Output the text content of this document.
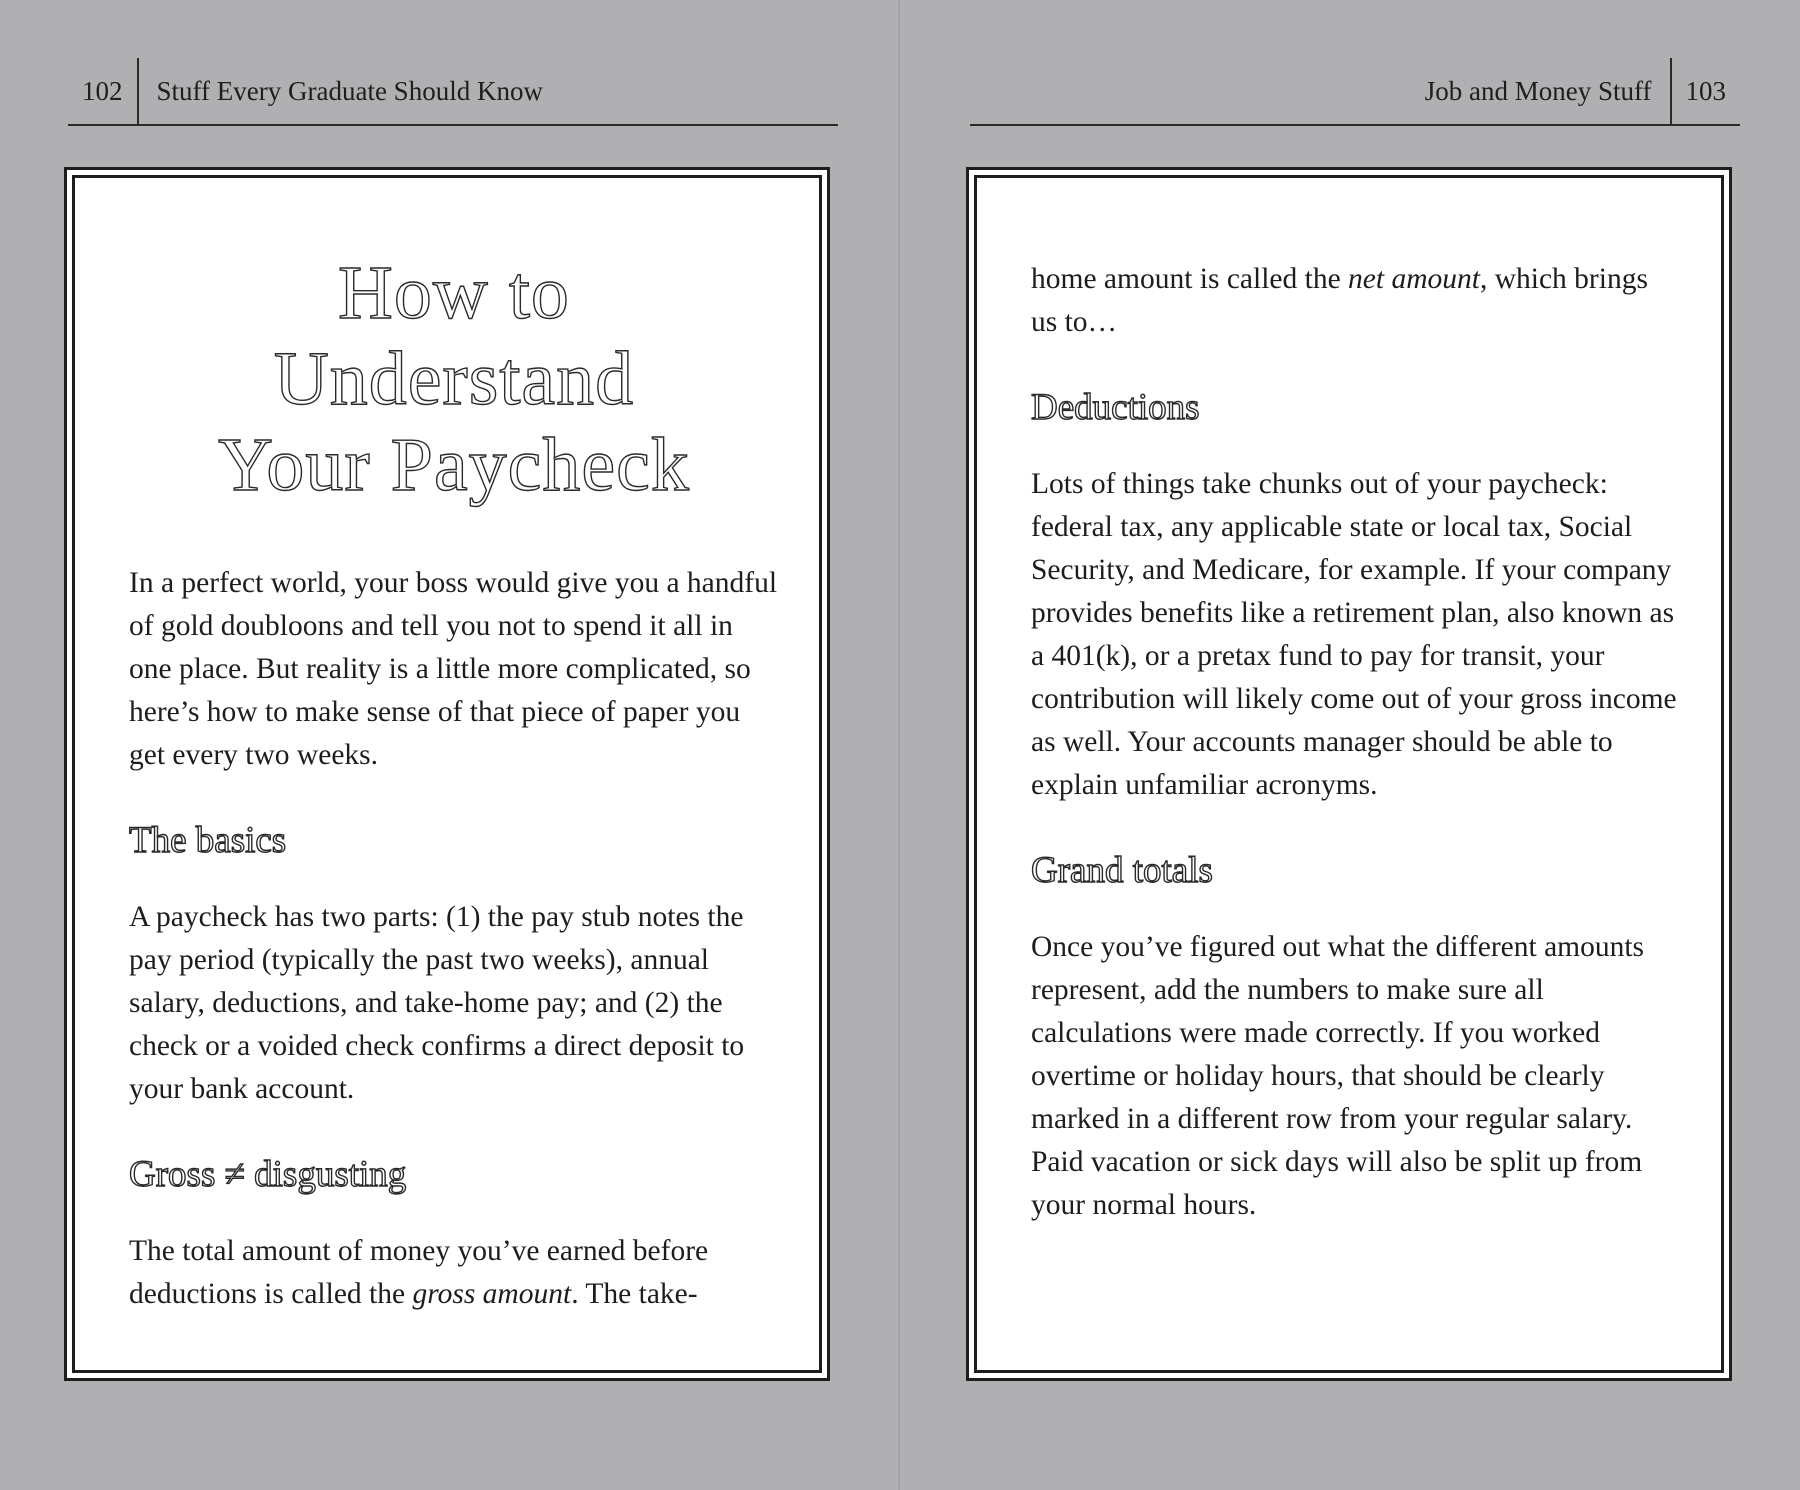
102	Stuff Every Graduate Should Know
How to
Understand
Your Paycheck

In a perfect world, your boss would give you a handful of gold doubloons and tell you not to spend it all in one place. But reality is a little more complicated, so here’s how to make sense of that piece of paper you get every two weeks.

The basics

A paycheck has two parts: (1) the pay stub notes the pay period (typically the past two weeks), annual salary, deductions, and take-home pay; and (2) the check or a voided check confirms a direct deposit to your bank account.

Gross ≠ disgusting

The total amount of money you’ve earned before deductions is called the gross amount. The take-

Job and Money Stuff	103

home amount is called the net amount, which brings us to…

Deductions

Lots of things take chunks out of your paycheck: federal tax, any applicable state or local tax, Social Security, and Medicare, for example. If your company provides benefits like a retirement plan, also known as a 401(k), or a pretax fund to pay for transit, your contribution will likely come out of your gross income as well. Your accounts manager should be able to explain unfamiliar acronyms.

Grand totals

Once you’ve figured out what the different amounts represent, add the numbers to make sure all calculations were made correctly. If you worked overtime or holiday hours, that should be clearly marked in a different row from your regular salary. Paid vacation or sick days will also be split up from your normal hours.
